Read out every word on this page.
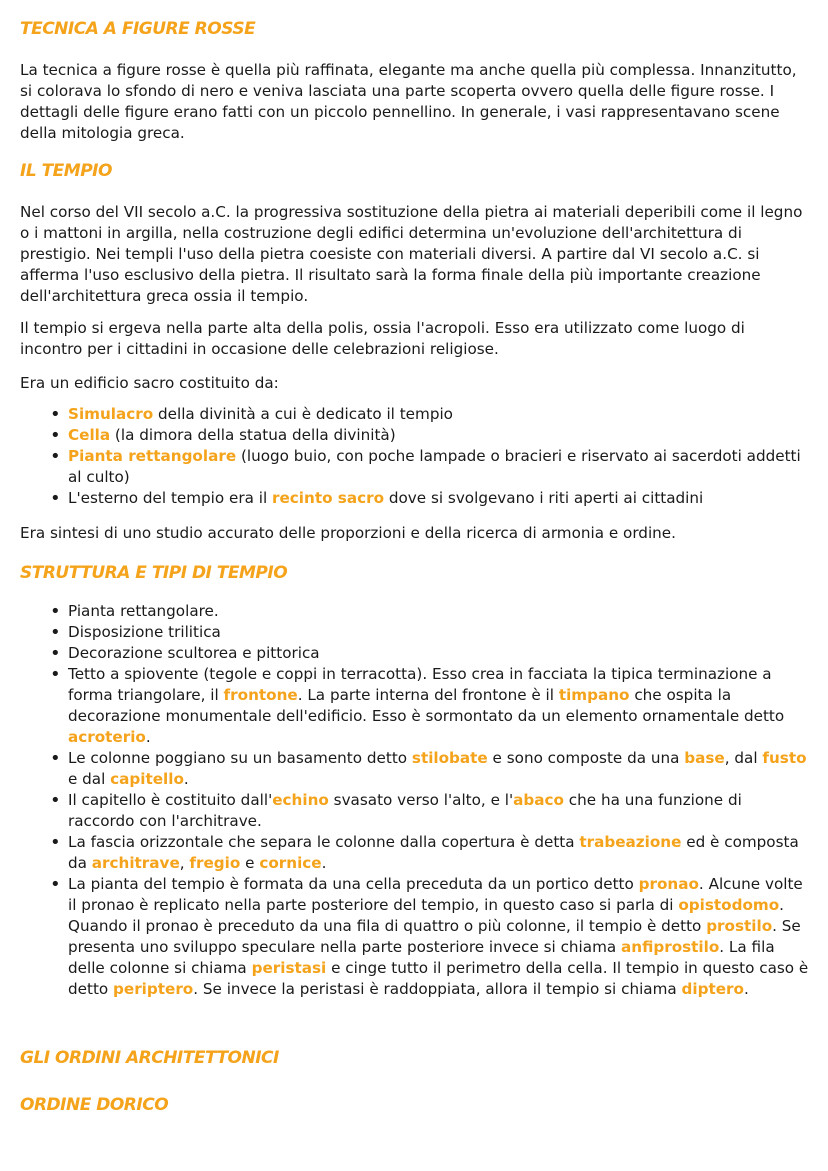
TECNICA A FIGURE ROSSE

La tecnica a figure rosse è quella più raffinata, elegante ma anche quella più complessa. Innanzitutto, si colorava lo sfondo di nero e veniva lasciata una parte scoperta ovvero quella delle figure rosse. I dettagli delle figure erano fatti con un piccolo pennellino. In generale, i vasi rappresentavano scene della mitologia greca.

IL TEMPIO

Nel corso del VII secolo a.C. la progressiva sostituzione della pietra ai materiali deperibili come il legno o i mattoni in argilla, nella costruzione degli edifici determina un'evoluzione dell'architettura di prestigio. Nei templi l'uso della pietra coesiste con materiali diversi. A partire dal VI secolo a.C. si afferma l'uso esclusivo della pietra. Il risultato sarà la forma finale della più importante creazione dell'architettura greca ossia il tempio.

Il tempio si ergeva nella parte alta della polis, ossia l'acropoli. Esso era utilizzato come luogo di incontro per i cittadini in occasione delle celebrazioni religiose.

Era un edificio sacro costituito da:

• Simulacro della divinità a cui è dedicato il tempio
• Cella (la dimora della statua della divinità)
• Pianta rettangolare (luogo buio, con poche lampade o bracieri e riservato ai sacerdoti addetti al culto)
• L'esterno del tempio era il recinto sacro dove si svolgevano i riti aperti ai cittadini

Era sintesi di uno studio accurato delle proporzioni e della ricerca di armonia e ordine.

STRUTTURA E TIPI DI TEMPIO
• Pianta rettangolare.
• Disposizione trilitica
• Decorazione scultorea e pittorica
• Tetto a spiovente (tegole e coppi in terracotta). Esso crea in facciata la tipica terminazione a forma triangolare, il frontone. La parte interna del frontone è il timpano che ospita la decorazione monumentale dell'edificio. Esso è sormontato da un elemento ornamentale detto acroterio.
• Le colonne poggiano su un basamento detto stilobate e sono composte da una base, dal fusto e dal capitello.
• Il capitello è costituito dall'echino svasato verso l'alto, e l'abaco che ha una funzione di raccordo con l'architrave.
• La fascia orizzontale che separa le colonne dalla copertura è detta trabeazione ed è composta da architrave, fregio e cornice.
• La pianta del tempio è formata da una cella preceduta da un portico detto pronao. Alcune volte il pronao è replicato nella parte posteriore del tempio, in questo caso si parla di opistodomo. Quando il pronao è preceduto da una fila di quattro o più colonne, il tempio è detto prostilo. Se presenta uno sviluppo speculare nella parte posteriore invece si chiama anfiprostilo. La fila delle colonne si chiama peristasi e cinge tutto il perimetro della cella. Il tempio in questo caso è detto periptero. Se invece la peristasi è raddoppiata, allora il tempio si chiama diptero.
GLI ORDINI ARCHITETTONICI
ORDINE DORICO
